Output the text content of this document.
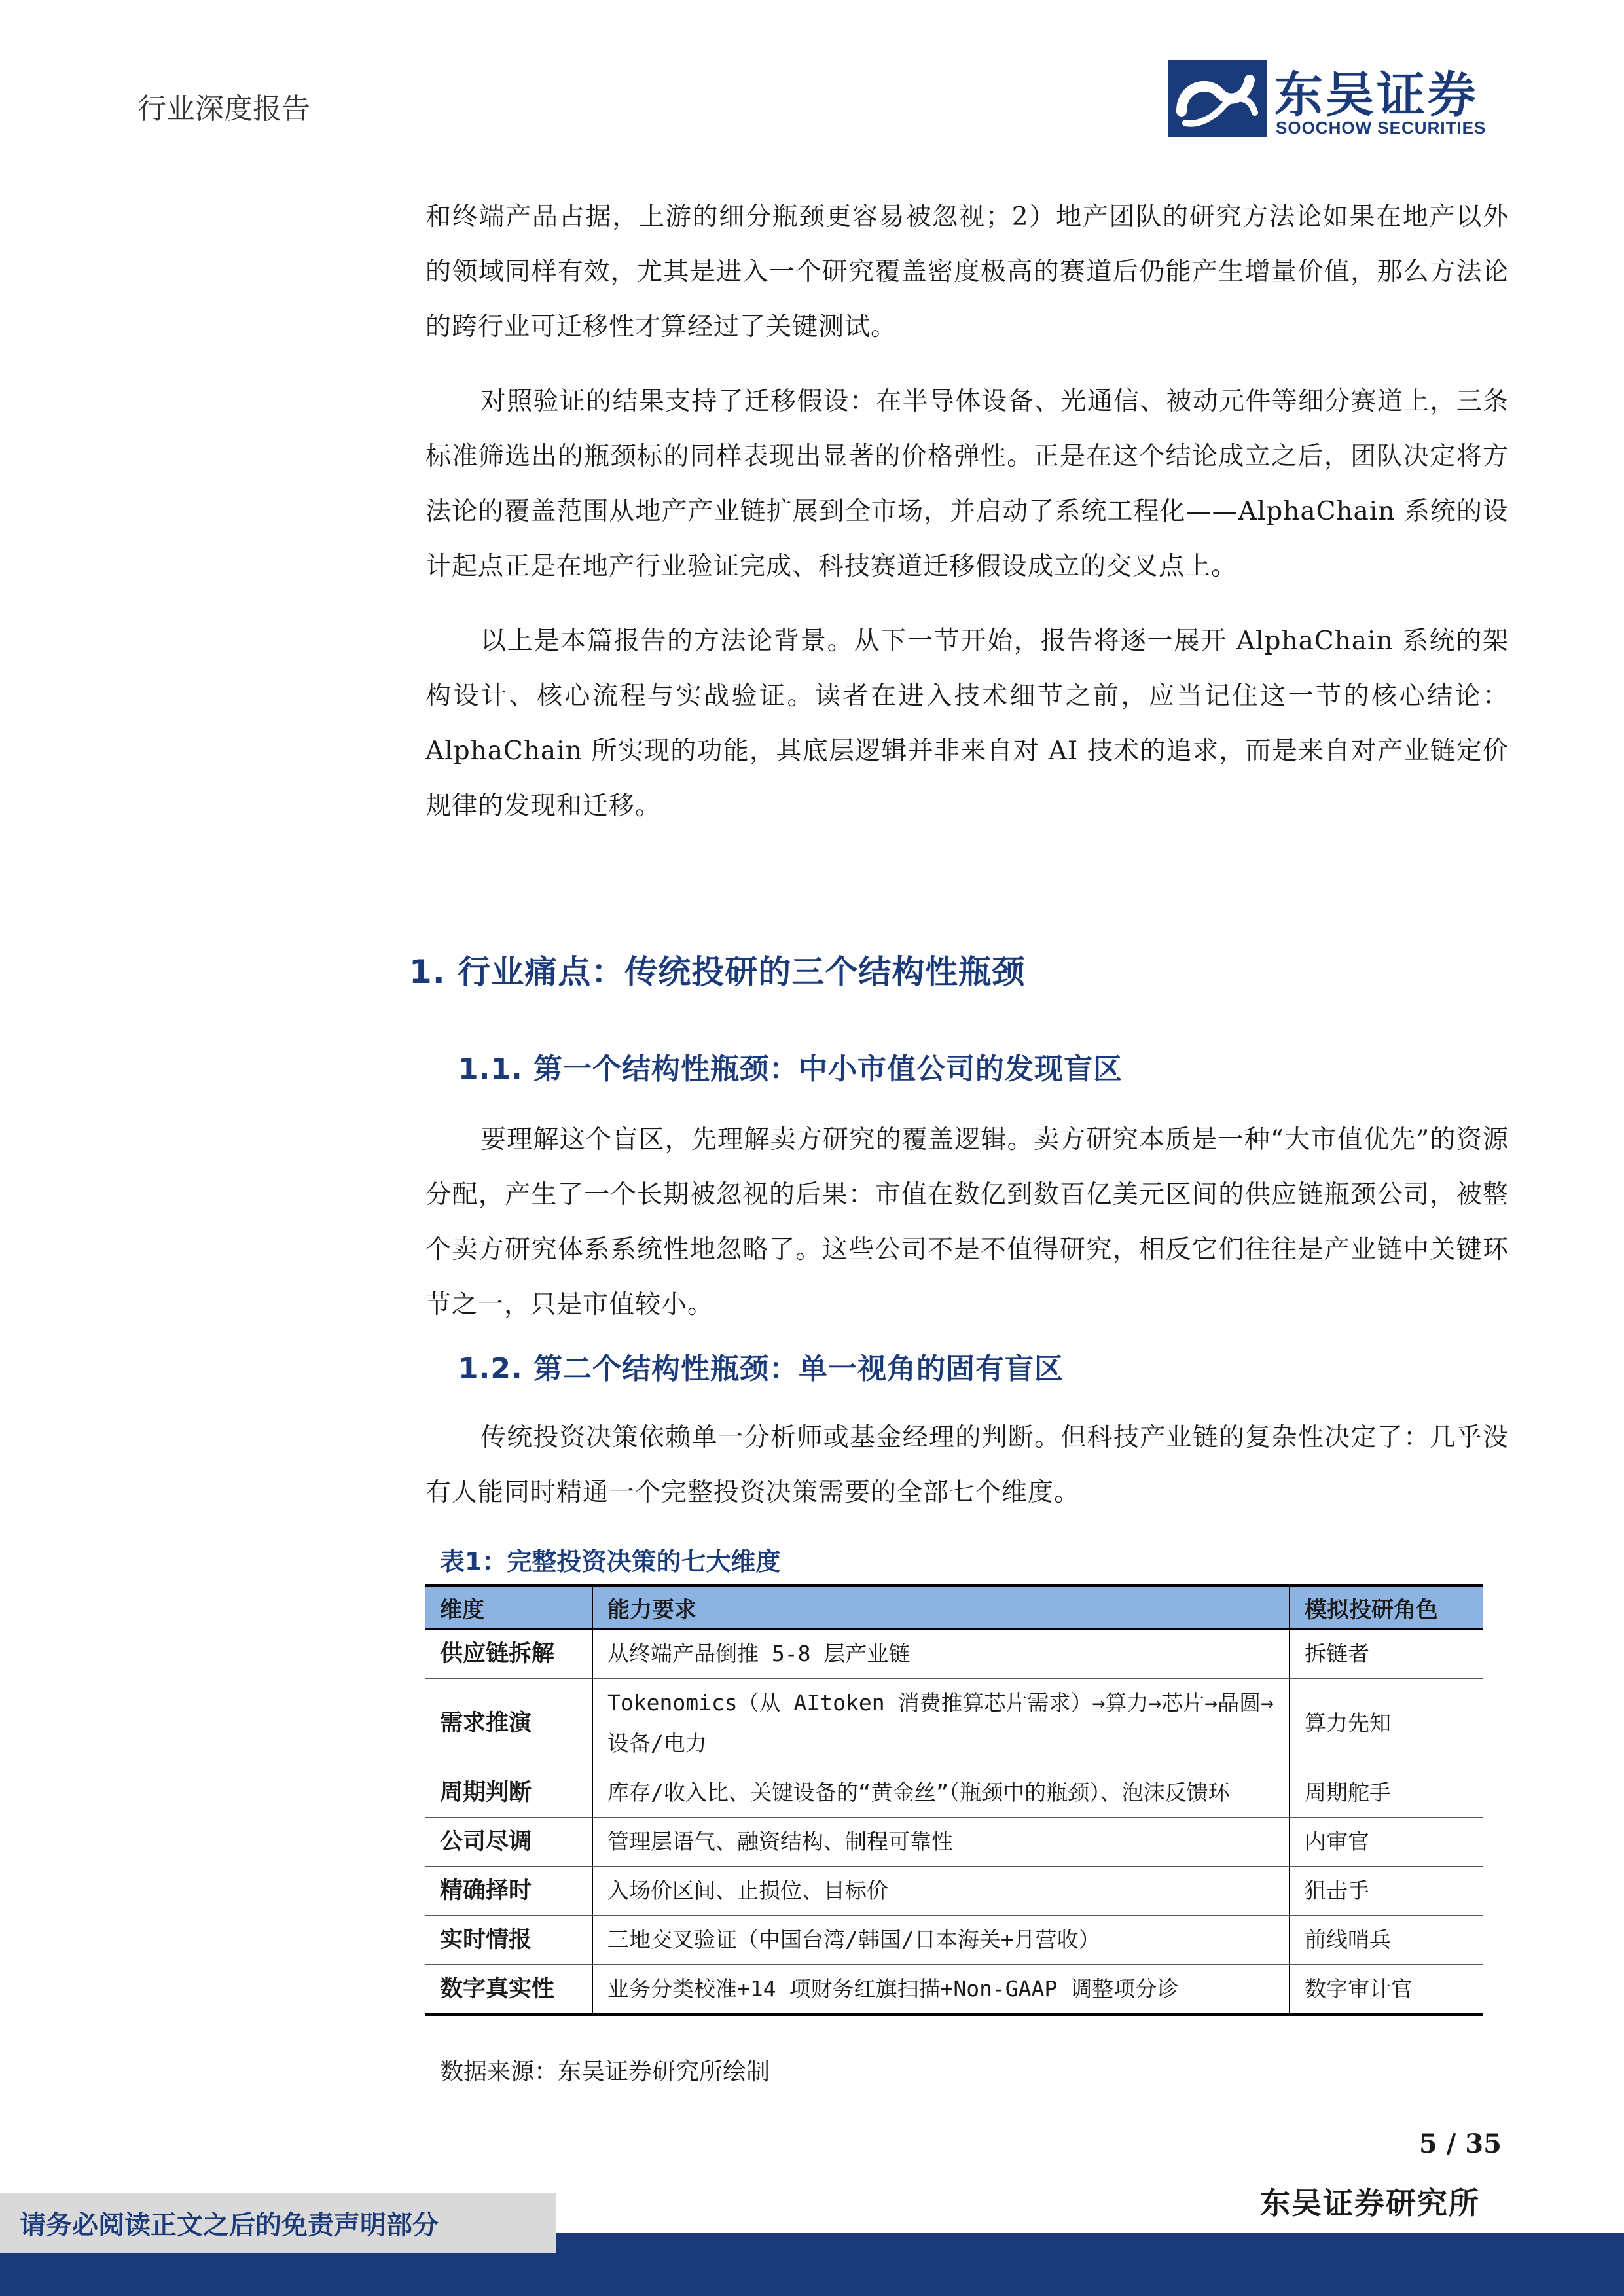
行业深度报告	东吴证券
SOOCHOW SECURITIES

和终端产品占据，上游的细分瓶颈更容易被忽视；2）地产团队的研究方法论如果在地产以外的领域同样有效，尤其是进入一个研究覆盖密度极高的赛道后仍能产生增量价值，那么方法论的跨行业可迁移性才算经过了关键测试。

对照验证的结果支持了迁移假设：在半导体设备、光通信、被动元件等细分赛道上，三条标准筛选出的瓶颈标的同样表现出显著的价格弹性。正是在这个结论成立之后，团队决定将方法论的覆盖范围从地产产业链扩展到全市场，并启动了系统工程化——AlphaChain 系统的设计起点正是在地产行业验证完成、科技赛道迁移假设成立的交叉点上。

以上是本篇报告的方法论背景。从下一节开始，报告将逐一展开 AlphaChain 系统的架构设计、核心流程与实战验证。读者在进入技术细节之前，应当记住这一节的核心结论：AlphaChain 所实现的功能，其底层逻辑并非来自对 AI 技术的追求，而是来自对产业链定价规律的发现和迁移。

1. 行业痛点：传统投研的三个结构性瓶颈
1.1. 第一个结构性瓶颈：中小市值公司的发现盲区

要理解这个盲区，先理解卖方研究的覆盖逻辑。卖方研究本质是一种“大市值优先”的资源分配，产生了一个长期被忽视的后果：市值在数亿到数百亿美元区间的供应链瓶颈公司，被整个卖方研究体系系统性地忽略了。这些公司不是不值得研究，相反它们往往是产业链中关键环节之一，只是市值较小。

1.2. 第二个结构性瓶颈：单一视角的固有盲区

传统投资决策依赖单一分析师或基金经理的判断。但科技产业链的复杂性决定了：几乎没有人能同时精通一个完整投资决策需要的全部七个维度。

表1：完整投资决策的七大维度
维度	能力要求	模拟投研角色
供应链拆解	从终端产品倒推 5-8 层产业链	拆链者
需求推演	Tokenomics（从 AItoken 消费推算芯片需求）→算力→芯片→晶圆→设备/电力	算力先知
周期判断	库存/收入比、关键设备的“黄金丝”（瓶颈中的瓶颈）、泡沫反馈环	周期舵手
公司尽调	管理层语气、融资结构、制程可靠性	内审官
精确择时	入场价区间、止损位、目标价	狙击手
实时情报	三地交叉验证（中国台湾/韩国/日本海关+月营收）	前线哨兵
数字真实性	业务分类校准+14 项财务红旗扫描+Non-GAAP 调整项分诊	数字审计官
数据来源：东吴证券研究所绘制
5 / 35
东吴证券研究所
请务必阅读正文之后的免责声明部分
